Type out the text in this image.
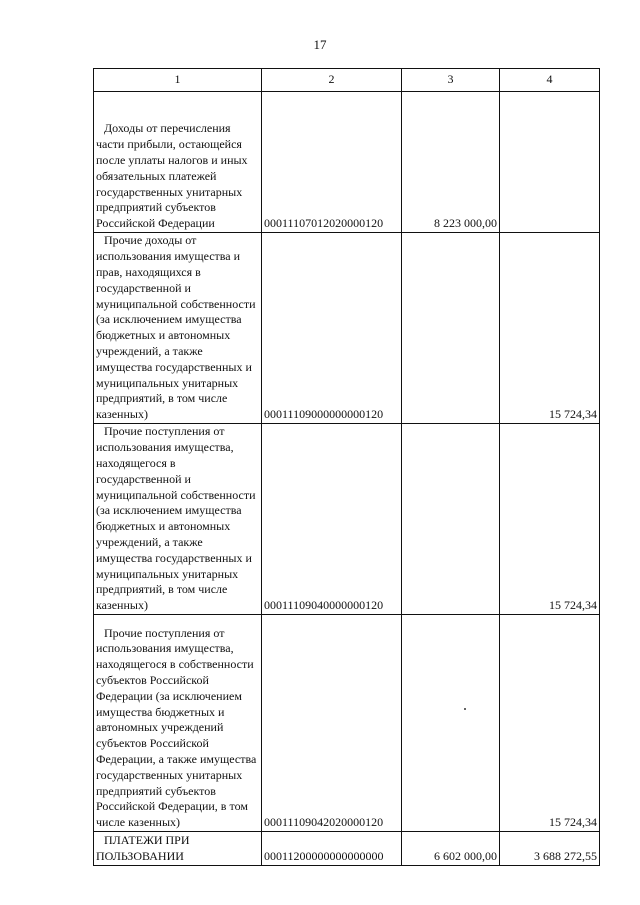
17
1	2	3	4
Доходы от перечисления части прибыли, остающейся после уплаты налогов и иных обязательных платежей государственных унитарных предприятий субъектов Российской Федерации	00011107012020000120	8 223 000,00	
Прочие доходы от использования имущества и прав, находящихся в государственной и муниципальной собственности (за исключением имущества бюджетных и автономных учреждений, а также имущества государственных и муниципальных унитарных предприятий, в том числе казенных)	00011109000000000120		15 724,34
Прочие поступления от использования имущества, находящегося в государственной и муниципальной собственности (за исключением имущества бюджетных и автономных учреждений, а также имущества государственных и муниципальных унитарных предприятий, в том числе казенных)	00011109040000000120		15 724,34
Прочие поступления от использования имущества, находящегося в собственности субъектов Российской Федерации (за исключением имущества бюджетных и автономных учреждений субъектов Российской Федерации, а также имущества государственных унитарных предприятий субъектов Российской Федерации, в том числе казенных)	00011109042020000120		15 724,34
ПЛАТЕЖИ ПРИ ПОЛЬЗОВАНИИ	00011200000000000000	6 602 000,00	3 688 272,55
